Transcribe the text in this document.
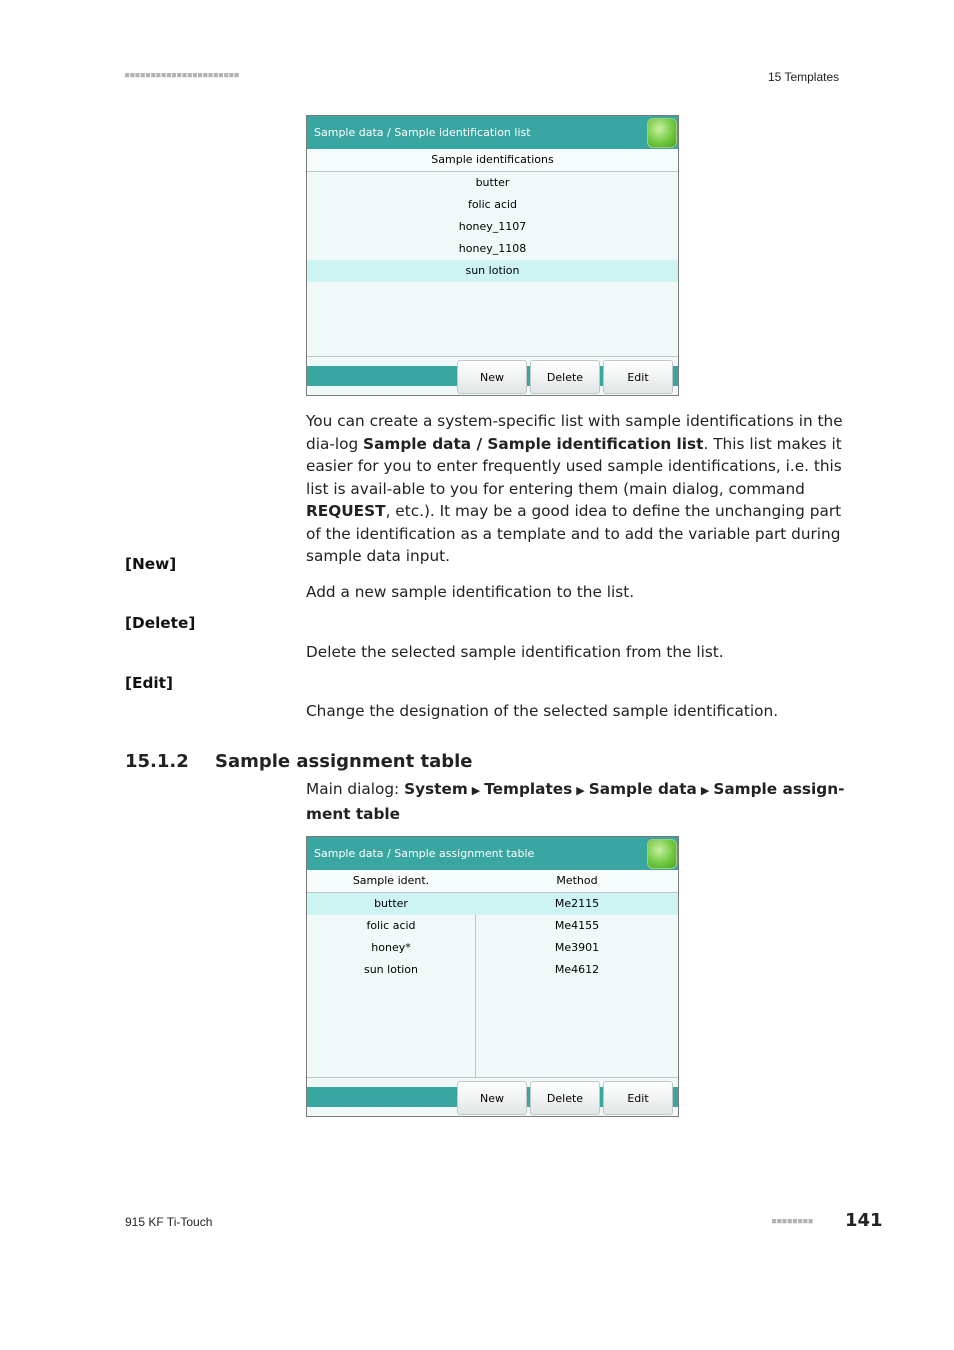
■■■■■■■■■■■■■■■■■■■■■■	15 Templates
Sample data / Sample identification list
Sample identifications
butter
folic acid
honey_1107
honey_1108
sun lotion
New	Delete	Edit
You can create a system-specific list with sample identifications in the dia-log Sample data / Sample identification list. This list makes it easier for you to enter frequently used sample identifications, i.e. this list is avail-able to you for entering them (main dialog, command REQUEST, etc.). It may be a good idea to define the unchanging part of the identification as a template and to add the variable part during sample data input.
[New]
Add a new sample identification to the list.
[Delete]
Delete the selected sample identification from the list.
[Edit]
Change the designation of the selected sample identification.
15.1.2 Sample assignment table
Main dialog: System ▶ Templates ▶ Sample data ▶ Sample assign-ment table
Sample data / Sample assignment table
Sample ident.	Method
butter	Me2115
folic acid	Me4155
honey*	Me3901
sun lotion	Me4612
New	Delete	Edit
915 KF Ti-Touch	■■■■■■■■ 141
